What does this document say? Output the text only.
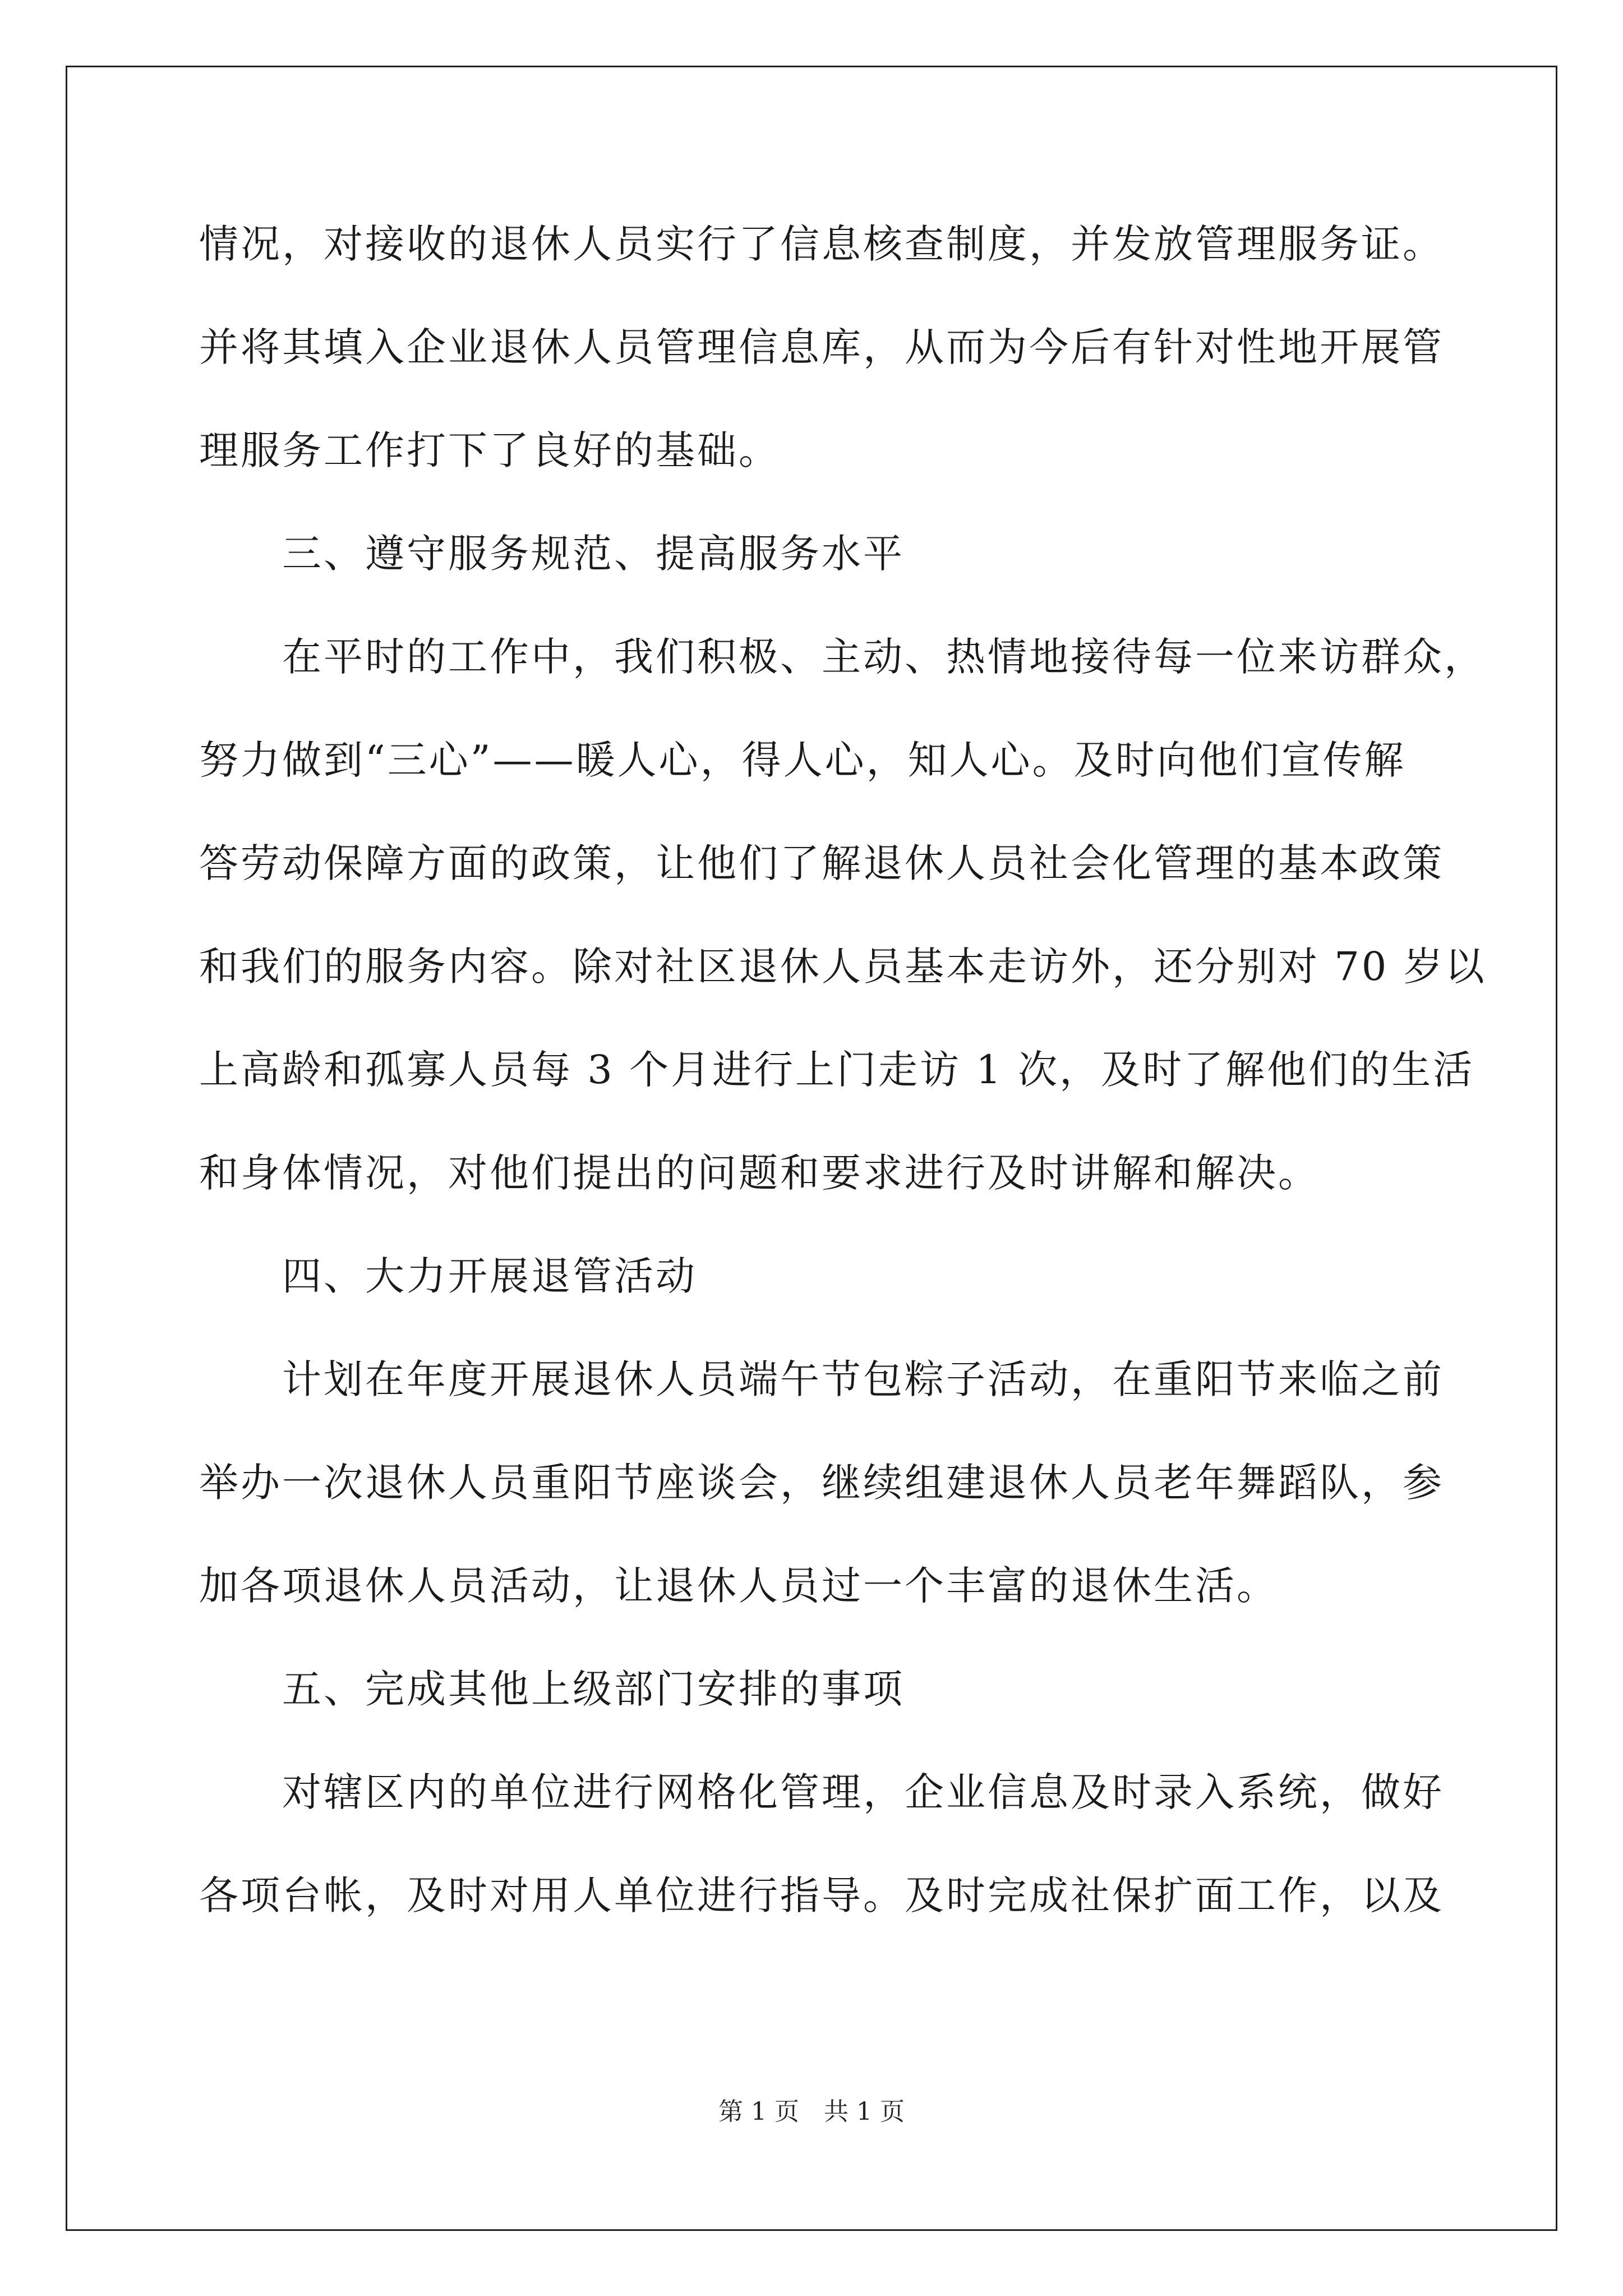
情况，对接收的退休人员实行了信息核查制度，并发放管理服务证。
并将其填入企业退休人员管理信息库，从而为今后有针对性地开展管
理服务工作打下了良好的基础。
　　三、遵守服务规范、提高服务水平
　　在平时的工作中，我们积极、主动、热情地接待每一位来访群众，
努力做到“三心”——暖人心，得人心，知人心。及时向他们宣传解
答劳动保障方面的政策，让他们了解退休人员社会化管理的基本政策
和我们的服务内容。除对社区退休人员基本走访外，还分别对 70 岁以
上高龄和孤寡人员每 3 个月进行上门走访 1 次，及时了解他们的生活
和身体情况，对他们提出的问题和要求进行及时讲解和解决。
　　四、大力开展退管活动
　　计划在年度开展退休人员端午节包粽子活动，在重阳节来临之前
举办一次退休人员重阳节座谈会，继续组建退休人员老年舞蹈队，参
加各项退休人员活动，让退休人员过一个丰富的退休生活。
　　五、完成其他上级部门安排的事项
　　对辖区内的单位进行网格化管理，企业信息及时录入系统，做好
各项台帐，及时对用人单位进行指导。及时完成社保扩面工作，以及
第 1 页　共 1 页
